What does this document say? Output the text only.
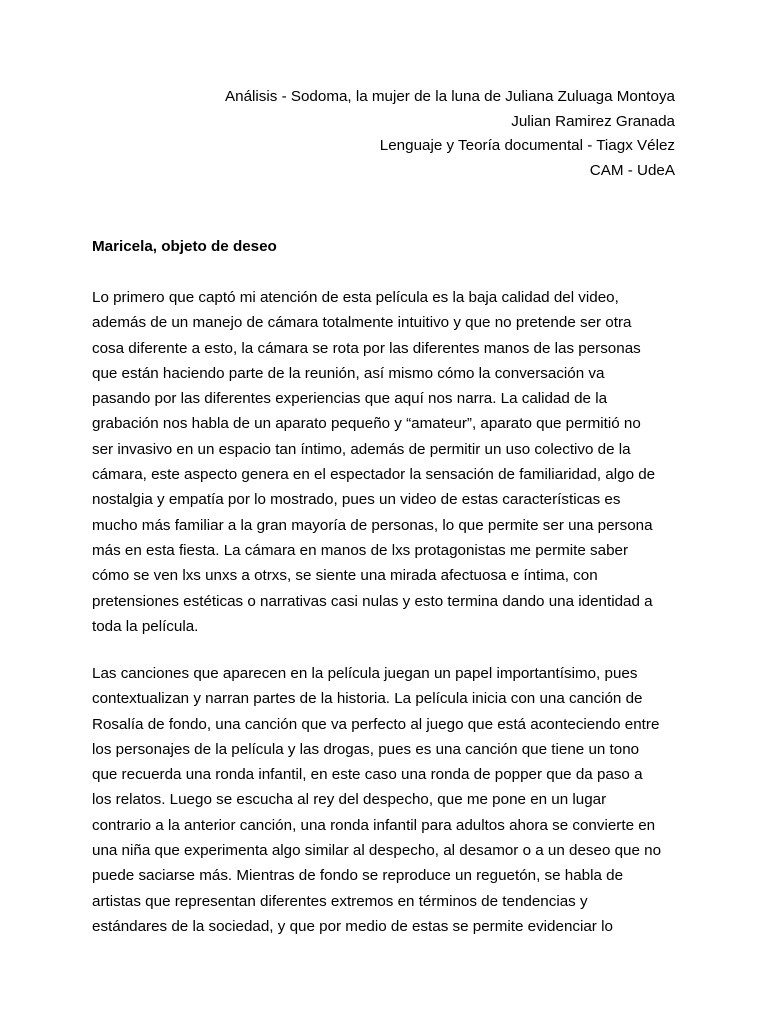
Análisis - Sodoma, la mujer de la luna de Juliana Zuluaga Montoya
Julian Ramirez Granada
Lenguaje y Teoría documental - Tiagx Vélez
CAM - UdeA
Maricela, objeto de deseo
Lo primero que captó mi atención de esta película es la baja calidad del video,
además de un manejo de cámara totalmente intuitivo y que no pretende ser otra
cosa diferente a esto, la cámara se rota por las diferentes manos de las personas
que están haciendo parte de la reunión, así mismo cómo la conversación va
pasando por las diferentes experiencias que aquí nos narra. La calidad de la
grabación nos habla de un aparato pequeño y “amateur”, aparato que permitió no
ser invasivo en un espacio tan íntimo, además de permitir un uso colectivo de la
cámara, este aspecto genera en el espectador la sensación de familiaridad, algo de
nostalgia y empatía por lo mostrado, pues un video de estas características es
mucho más familiar a la gran mayoría de personas, lo que permite ser una persona
más en esta fiesta. La cámara en manos de lxs protagonistas me permite saber
cómo se ven lxs unxs a otrxs, se siente una mirada afectuosa e íntima, con
pretensiones estéticas o narrativas casi nulas y esto termina dando una identidad a
toda la película.
Las canciones que aparecen en la película juegan un papel importantísimo, pues
contextualizan y narran partes de la historia. La película inicia con una canción de
Rosalía de fondo, una canción que va perfecto al juego que está aconteciendo entre
los personajes de la película y las drogas, pues es una canción que tiene un tono
que recuerda una ronda infantil, en este caso una ronda de popper que da paso a
los relatos. Luego se escucha al rey del despecho, que me pone en un lugar
contrario a la anterior canción, una ronda infantil para adultos ahora se convierte en
una niña que experimenta algo similar al despecho, al desamor o a un deseo que no
puede saciarse más. Mientras de fondo se reproduce un reguetón, se habla de
artistas que representan diferentes extremos en términos de tendencias y
estándares de la sociedad, y que por medio de estas se permite evidenciar lo
